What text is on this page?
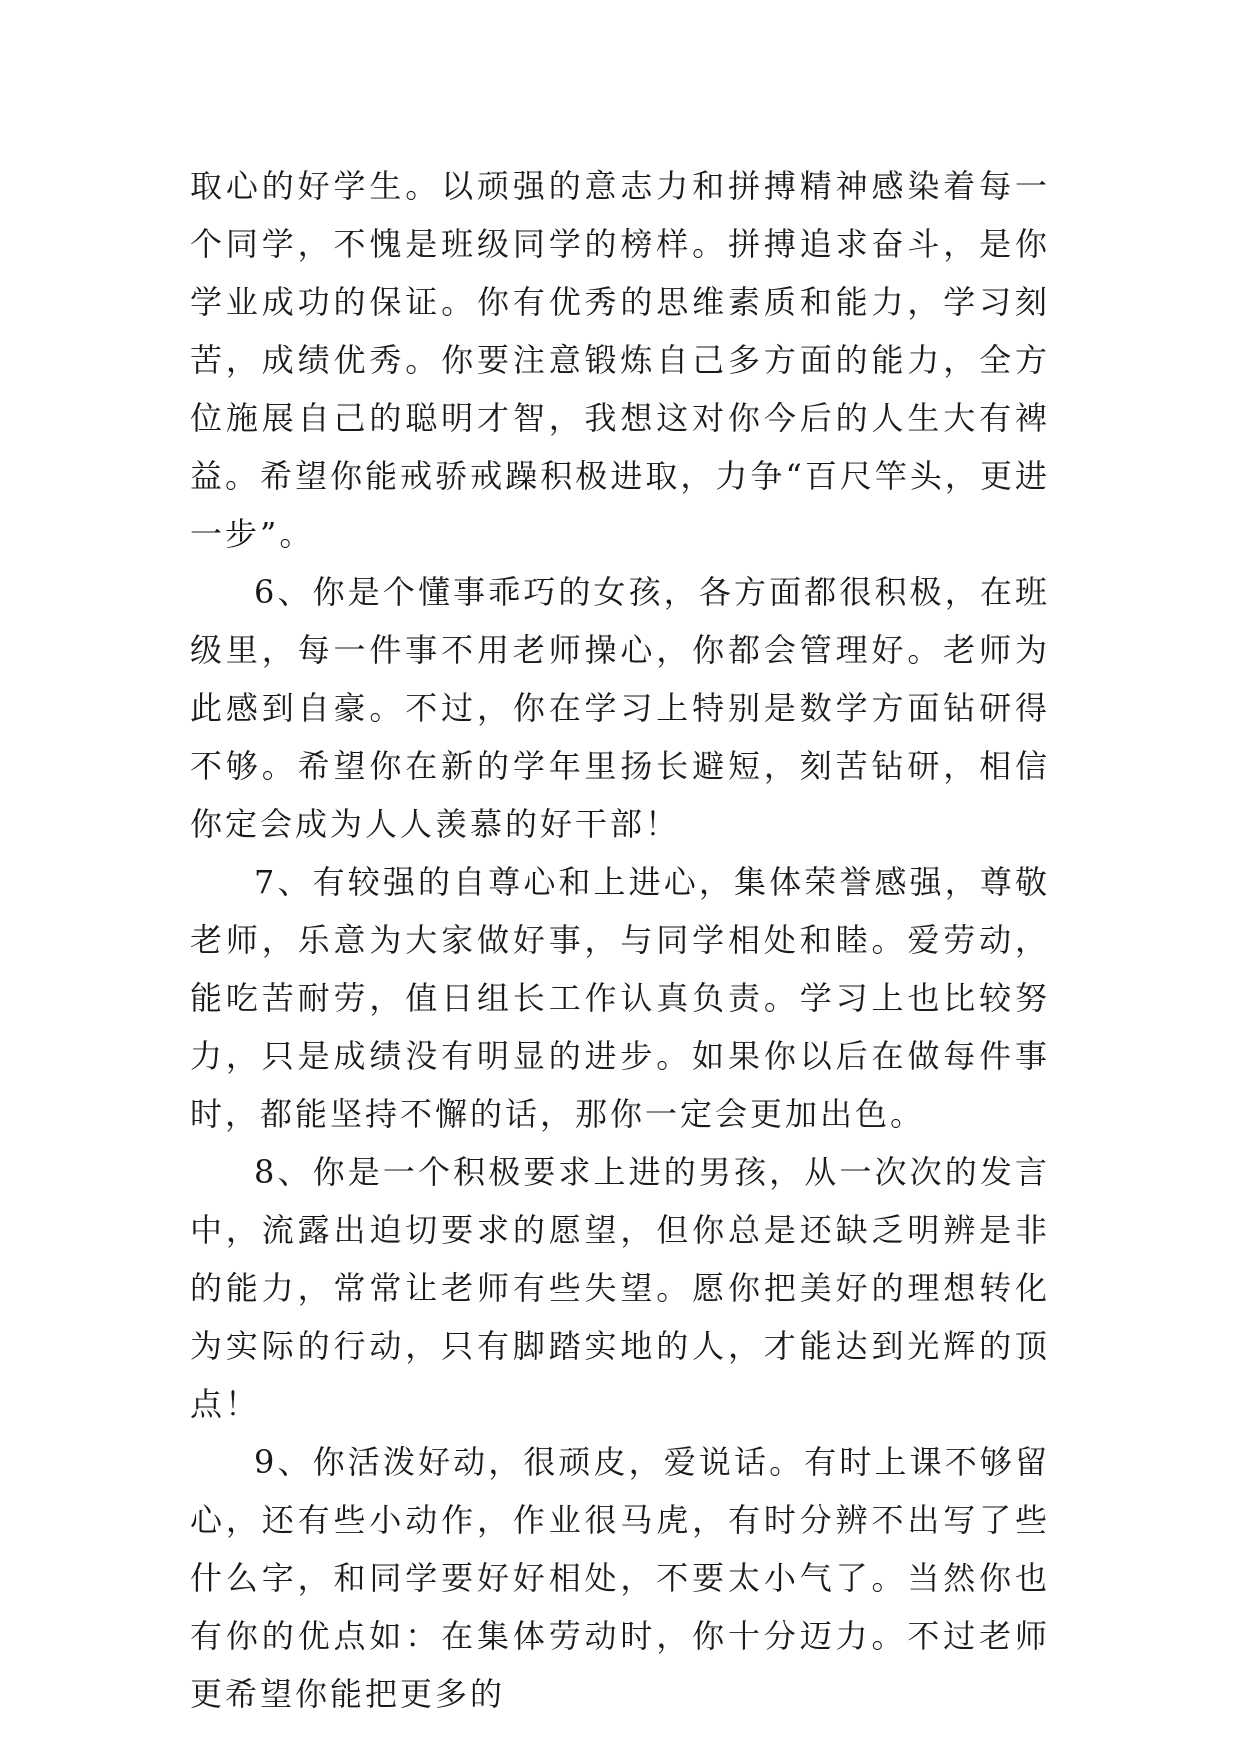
取心的好学生。以顽强的意志力和拼搏精神感染着每一个同学，不愧是班级同学的榜样。拼搏追求奋斗，是你学业成功的保证。你有优秀的思维素质和能力，学习刻苦，成绩优秀。你要注意锻炼自己多方面的能力，全方位施展自己的聪明才智，我想这对你今后的人生大有裨益。希望你能戒骄戒躁积极进取，力争“百尺竿头，更进一步”。

6、你是个懂事乖巧的女孩，各方面都很积极，在班级里，每一件事不用老师操心，你都会管理好。老师为此感到自豪。不过，你在学习上特别是数学方面钻研得不够。希望你在新的学年里扬长避短，刻苦钻研，相信你定会成为人人羡慕的好干部！

7、有较强的自尊心和上进心，集体荣誉感强，尊敬老师，乐意为大家做好事，与同学相处和睦。爱劳动，能吃苦耐劳，值日组长工作认真负责。学习上也比较努力，只是成绩没有明显的进步。如果你以后在做每件事时，都能坚持不懈的话，那你一定会更加出色。

8、你是一个积极要求上进的男孩，从一次次的发言中，流露出迫切要求的愿望，但你总是还缺乏明辨是非的能力，常常让老师有些失望。愿你把美好的理想转化为实际的行动，只有脚踏实地的人，才能达到光辉的顶点！

9、你活泼好动，很顽皮，爱说话。有时上课不够留心，还有些小动作，作业很马虎，有时分辨不出写了些什么字，和同学要好好相处，不要太小气了。当然你也有你的优点如：在集体劳动时，你十分迈力。不过老师更希望你能把更多的
